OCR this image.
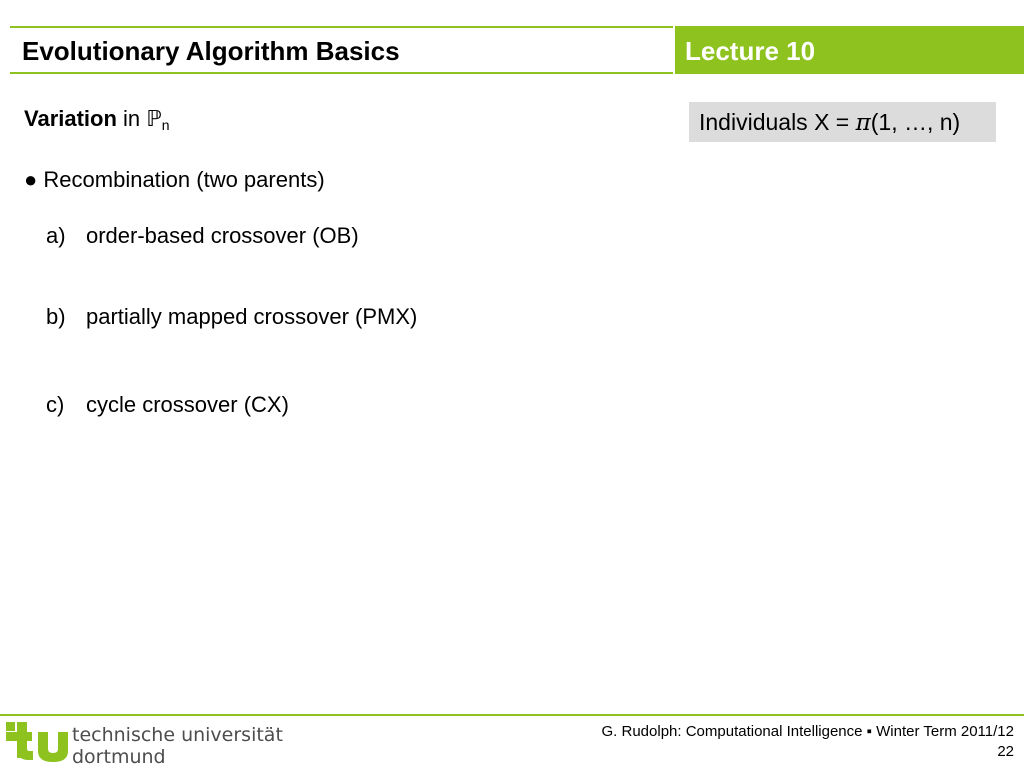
Evolutionary Algorithm Basics	Lecture 10
Variation in ℙ$_n$	Individuals X = π(1, …, n)
● Recombination (two parents)
a) order-based crossover (OB)
b) partially mapped crossover (PMX)
c) cycle crossover (CX)
technische universität
dortmund
G. Rudolph: Computational Intelligence ▪ Winter Term 2011/12
22
